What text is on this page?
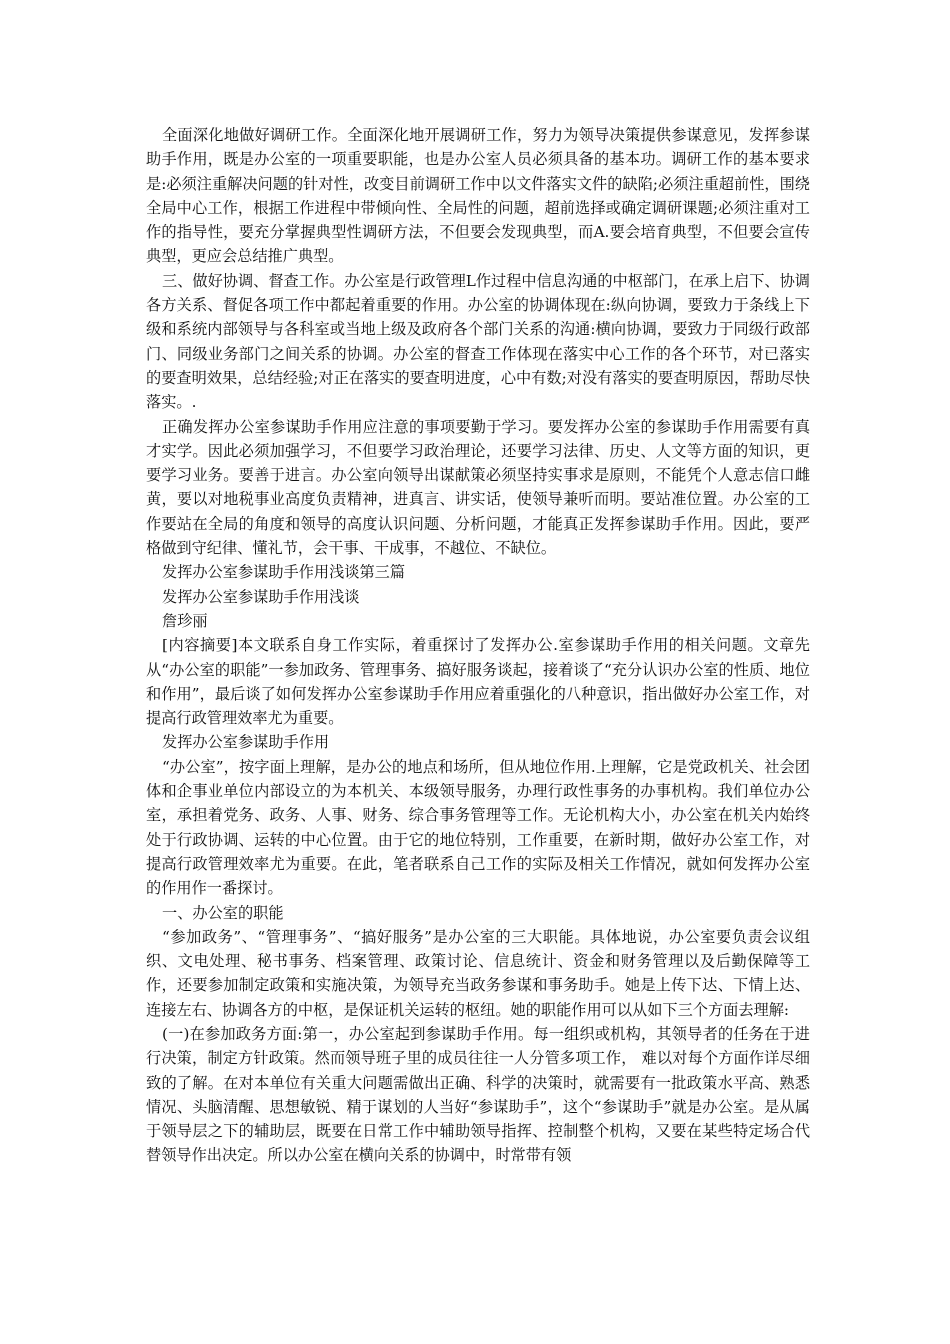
全面深化地做好调研工作。全面深化地开展调研工作，努力为领导决策提供参谋意见，发挥参谋助手作用，既是办公室的一项重要职能，也是办公室人员必须具备的基本功。调研工作的基本要求是:必须注重解决问题的针对性，改变目前调研工作中以文件落实文件的缺陷;必须注重超前性，围绕全局中心工作，根据工作进程中带倾向性、全局性的问题，超前选择或确定调研课题;必须注重对工作的指导性，要充分掌握典型性调研方法，不但要会发现典型，而A.要会培育典型，不但要会宣传典型，更应会总结推广典型。

三、做好协调、督查工作。办公室是行政管理L作过程中信息沟通的中枢部门，在承上启下、协调各方关系、督促各项工作中都起着重要的作用。办公室的协调体现在:纵向协调，要致力于条线上下级和系统内部领导与各科室或当地上级及政府各个部门关系的沟通:横向协调，要致力于同级行政部门、同级业务部门之间关系的协调。办公室的督查工作体现在落实中心工作的各个环节，对已落实的要查明效果，总结经验;对正在落实的要查明进度，心中有数;对没有落实的要查明原因，帮助尽快落实。.

正确发挥办公室参谋助手作用应注意的事项要勤于学习。要发挥办公室的参谋助手作用需要有真才实学。因此必须加强学习，不但要学习政治理论，还要学习法律、历史、人文等方面的知识，更要学习业务。要善于进言。办公室向领导出谋献策必须坚持实事求是原则，不能凭个人意志信口雌黄，要以对地税事业高度负责精神，进真言、讲实话，使领导兼听而明。要站准位置。办公室的工作要站在全局的角度和领导的高度认识问题、分析问题，才能真正发挥参谋助手作用。因此，要严格做到守纪律、懂礼节，会干事、干成事，不越位、不缺位。

发挥办公室参谋助手作用浅谈第三篇

发挥办公室参谋助手作用浅谈

詹珍丽

[内容摘要]本文联系自身工作实际，着重探讨了发挥办公.室参谋助手作用的相关问题。文章先从“办公室的职能”一参加政务、管理事务、搞好服务谈起，接着谈了“充分认识办公室的性质、地位和作用”，最后谈了如何发挥办公室参谋助手作用应着重强化的八种意识，指出做好办公室工作，对提高行政管理效率尤为重要。

发挥办公室参谋助手作用

“办公室”，按字面上理解，是办公的地点和场所，但从地位作用.上理解，它是党政机关、社会团体和企事业单位内部设立的为本机关、本级领导服务，办理行政性事务的办事机构。我们单位办公室，承担着党务、政务、人事、财务、综合事务管理等工作。无论机构大小，办公室在机关内始终处于行政协调、运转的中心位置。由于它的地位特别，工作重要，在新时期，做好办公室工作，对提高行政管理效率尤为重要。在此，笔者联系自己工作的实际及相关工作情况，就如何发挥办公室的作用作一番探讨。

一、办公室的职能

“参加政务”、“管理事务”、“搞好服务”是办公室的三大职能。具体地说，办公室要负责会议组织、文电处理、秘书事务、档案管理、政策讨论、信息统计、资金和财务管理以及后勤保障等工作，还要参加制定政策和实施决策，为领导充当政务参谋和事务助手。她是上传下达、下情上达、连接左右、协调各方的中枢，是保证机关运转的枢纽。她的职能作用可以从如下三个方面去理解:

(一)在参加政务方面:第一，办公室起到参谋助手作用。每一组织或机构，其领导者的任务在于进行决策，制定方针政策。然而领导班子里的成员往往一人分管多项工作， 难以对每个方面作详尽细致的了解。在对本单位有关重大问题需做出正确、科学的决策时，就需要有一批政策水平高、熟悉情况、头脑清醒、思想敏锐、精于谋划的人当好“参谋助手”，这个“参谋助手”就是办公室。是从属于领导层之下的辅助层，既要在日常工作中辅助领导指挥、控制整个机构，又要在某些特定场合代替领导作出决定。所以办公室在横向关系的协调中，时常带有领
